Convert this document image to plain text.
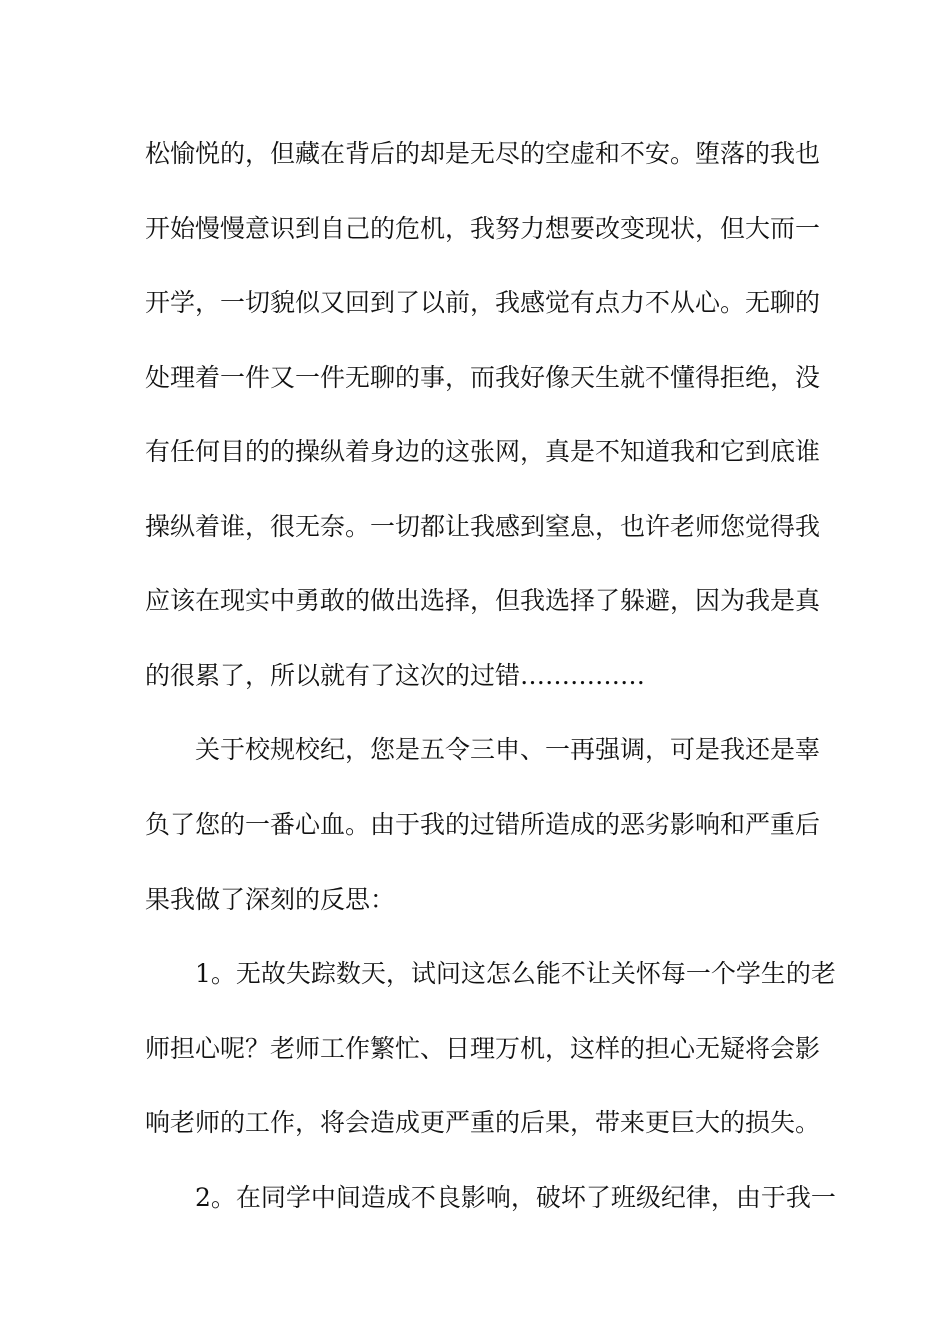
松愉悦的，但藏在背后的却是无尽的空虚和不安。堕落的我也
开始慢慢意识到自己的危机，我努力想要改变现状，但大而一
开学，一切貌似又回到了以前，我感觉有点力不从心。无聊的
处理着一件又一件无聊的事，而我好像天生就不懂得拒绝，没
有任何目的的操纵着身边的这张网，真是不知道我和它到底谁
操纵着谁，很无奈。一切都让我感到窒息，也许老师您觉得我
应该在现实中勇敢的做出选择，但我选择了躲避，因为我是真
的很累了，所以就有了这次的过错……………
关于校规校纪，您是五令三申、一再强调，可是我还是辜
负了您的一番心血。由于我的过错所造成的恶劣影响和严重后
果我做了深刻的反思：
1。无故失踪数天，试问这怎么能不让关怀每一个学生的老
师担心呢？老师工作繁忙、日理万机，这样的担心无疑将会影
响老师的工作，将会造成更严重的后果，带来更巨大的损失。
2。在同学中间造成不良影响，破坏了班级纪律，由于我一
